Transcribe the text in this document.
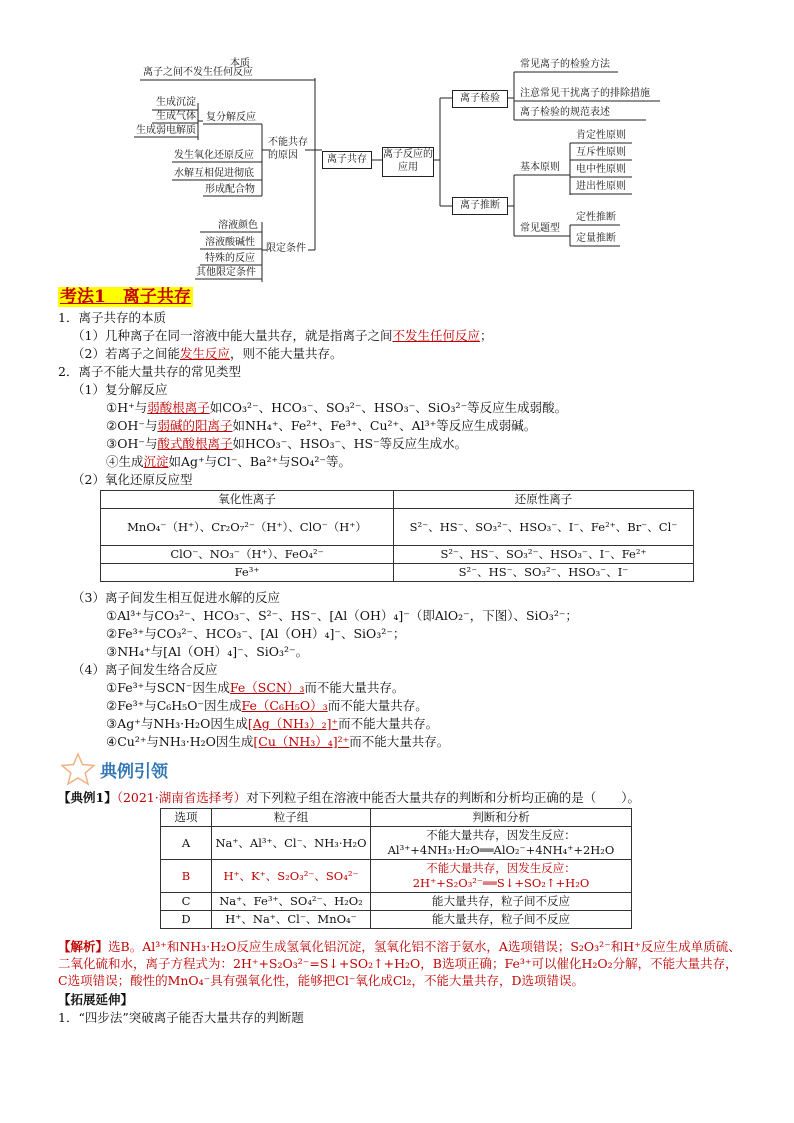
本质
离子之间不发生任何反应
生成沉淀
生成气体
生成弱电解质
复分解反应
发生氧化还原反应
水解互相促进彻底
形成配合物
不能共存的原因
溶液颜色
溶液酸碱性
特殊的反应
其他限定条件
限定条件
离子共存	离子反应的应用
离子检验
常见离子的检验方法
注意常见干扰离子的排除措施
离子检验的规范表述
离子推断
基本原则
肯定性原则
互斥性原则
电中性原则
进出性原则
常见题型
定性推断
定量推断
考法1　离子共存
1．离子共存的本质
（1）几种离子在同一溶液中能大量共存，就是指离子之间不发生任何反应；
（2）若离子之间能发生反应，则不能大量共存。
2．离子不能大量共存的常见类型
（1）复分解反应
①H⁺与弱酸根离子如CO₃²⁻、HCO₃⁻、SO₃²⁻、HSO₃⁻、SiO₃²⁻等反应生成弱酸。
②OH⁻与弱碱的阳离子如NH₄⁺、Fe²⁺、Fe³⁺、Cu²⁺、Al³⁺等反应生成弱碱。
③OH⁻与酸式酸根离子如HCO₃⁻、HSO₃⁻、HS⁻等反应生成水。
④生成沉淀如Ag⁺与Cl⁻、Ba²⁺与SO₄²⁻等。
（2）氧化还原反应型
氧化性离子	还原性离子
MnO₄⁻（H⁺）、Cr₂O₇²⁻（H⁺）、ClO⁻（H⁺）	S²⁻、HS⁻、SO₃²⁻、HSO₃⁻、I⁻、Fe²⁺、Br⁻、Cl⁻
ClO⁻、NO₃⁻（H⁺）、FeO₄²⁻	S²⁻、HS⁻、SO₃²⁻、HSO₃⁻、I⁻、Fe²⁺
Fe³⁺	S²⁻、HS⁻、SO₃²⁻、HSO₃⁻、I⁻
（3）离子间发生相互促进水解的反应
①Al³⁺与CO₃²⁻、HCO₃⁻、S²⁻、HS⁻、[Al（OH）₄]⁻（即AlO₂⁻，下图）、SiO₃²⁻；
②Fe³⁺与CO₃²⁻、HCO₃⁻、[Al（OH）₄]⁻、SiO₃²⁻；
③NH₄⁺与[Al（OH）₄]⁻、SiO₃²⁻。
（4）离子间发生络合反应
①Fe³⁺与SCN⁻因生成Fe（SCN）₃而不能大量共存。
②Fe³⁺与C₆H₅O⁻因生成Fe（C₆H₅O）₃而不能大量共存。
③Ag⁺与NH₃·H₂O因生成[Ag（NH₃）₂]⁺而不能大量共存。
④Cu²⁺与NH₃·H₂O因生成[Cu（NH₃）₄]²⁺而不能大量共存。
典例引领
【典例1】（2021·湖南省选择考）对下列粒子组在溶液中能否大量共存的判断和分析均正确的是（　　）。
选项	粒子组	判断和分析
A	Na⁺、Al³⁺、Cl⁻、NH₃·H₂O	不能大量共存，因发生反应：Al³⁺+4NH₃·H₂O══AlO₂⁻+4NH₄⁺+2H₂O
B	H⁺、K⁺、S₂O₃²⁻、SO₄²⁻	不能大量共存，因发生反应：2H⁺+S₂O₃²⁻══S↓+SO₂↑+H₂O
C	Na⁺、Fe³⁺、SO₄²⁻、H₂O₂	能大量共存，粒子间不反应
D	H⁺、Na⁺、Cl⁻、MnO₄⁻	能大量共存，粒子间不反应
【解析】选B。Al³⁺和NH₃·H₂O反应生成氢氧化铝沉淀，氢氧化铝不溶于氨水，A选项错误；S₂O₃²⁻和H⁺反应生成单质硫、二氧化硫和水，离子方程式为：2H⁺+S₂O₃²⁻=S↓+SO₂↑+H₂O，B选项正确；Fe³⁺可以催化H₂O₂分解，不能大量共存，C选项错误；酸性的MnO₄⁻具有强氧化性，能够把Cl⁻氧化成Cl₂，不能大量共存，D选项错误。
【拓展延伸】
1．“四步法”突破离子能否大量共存的判断题
